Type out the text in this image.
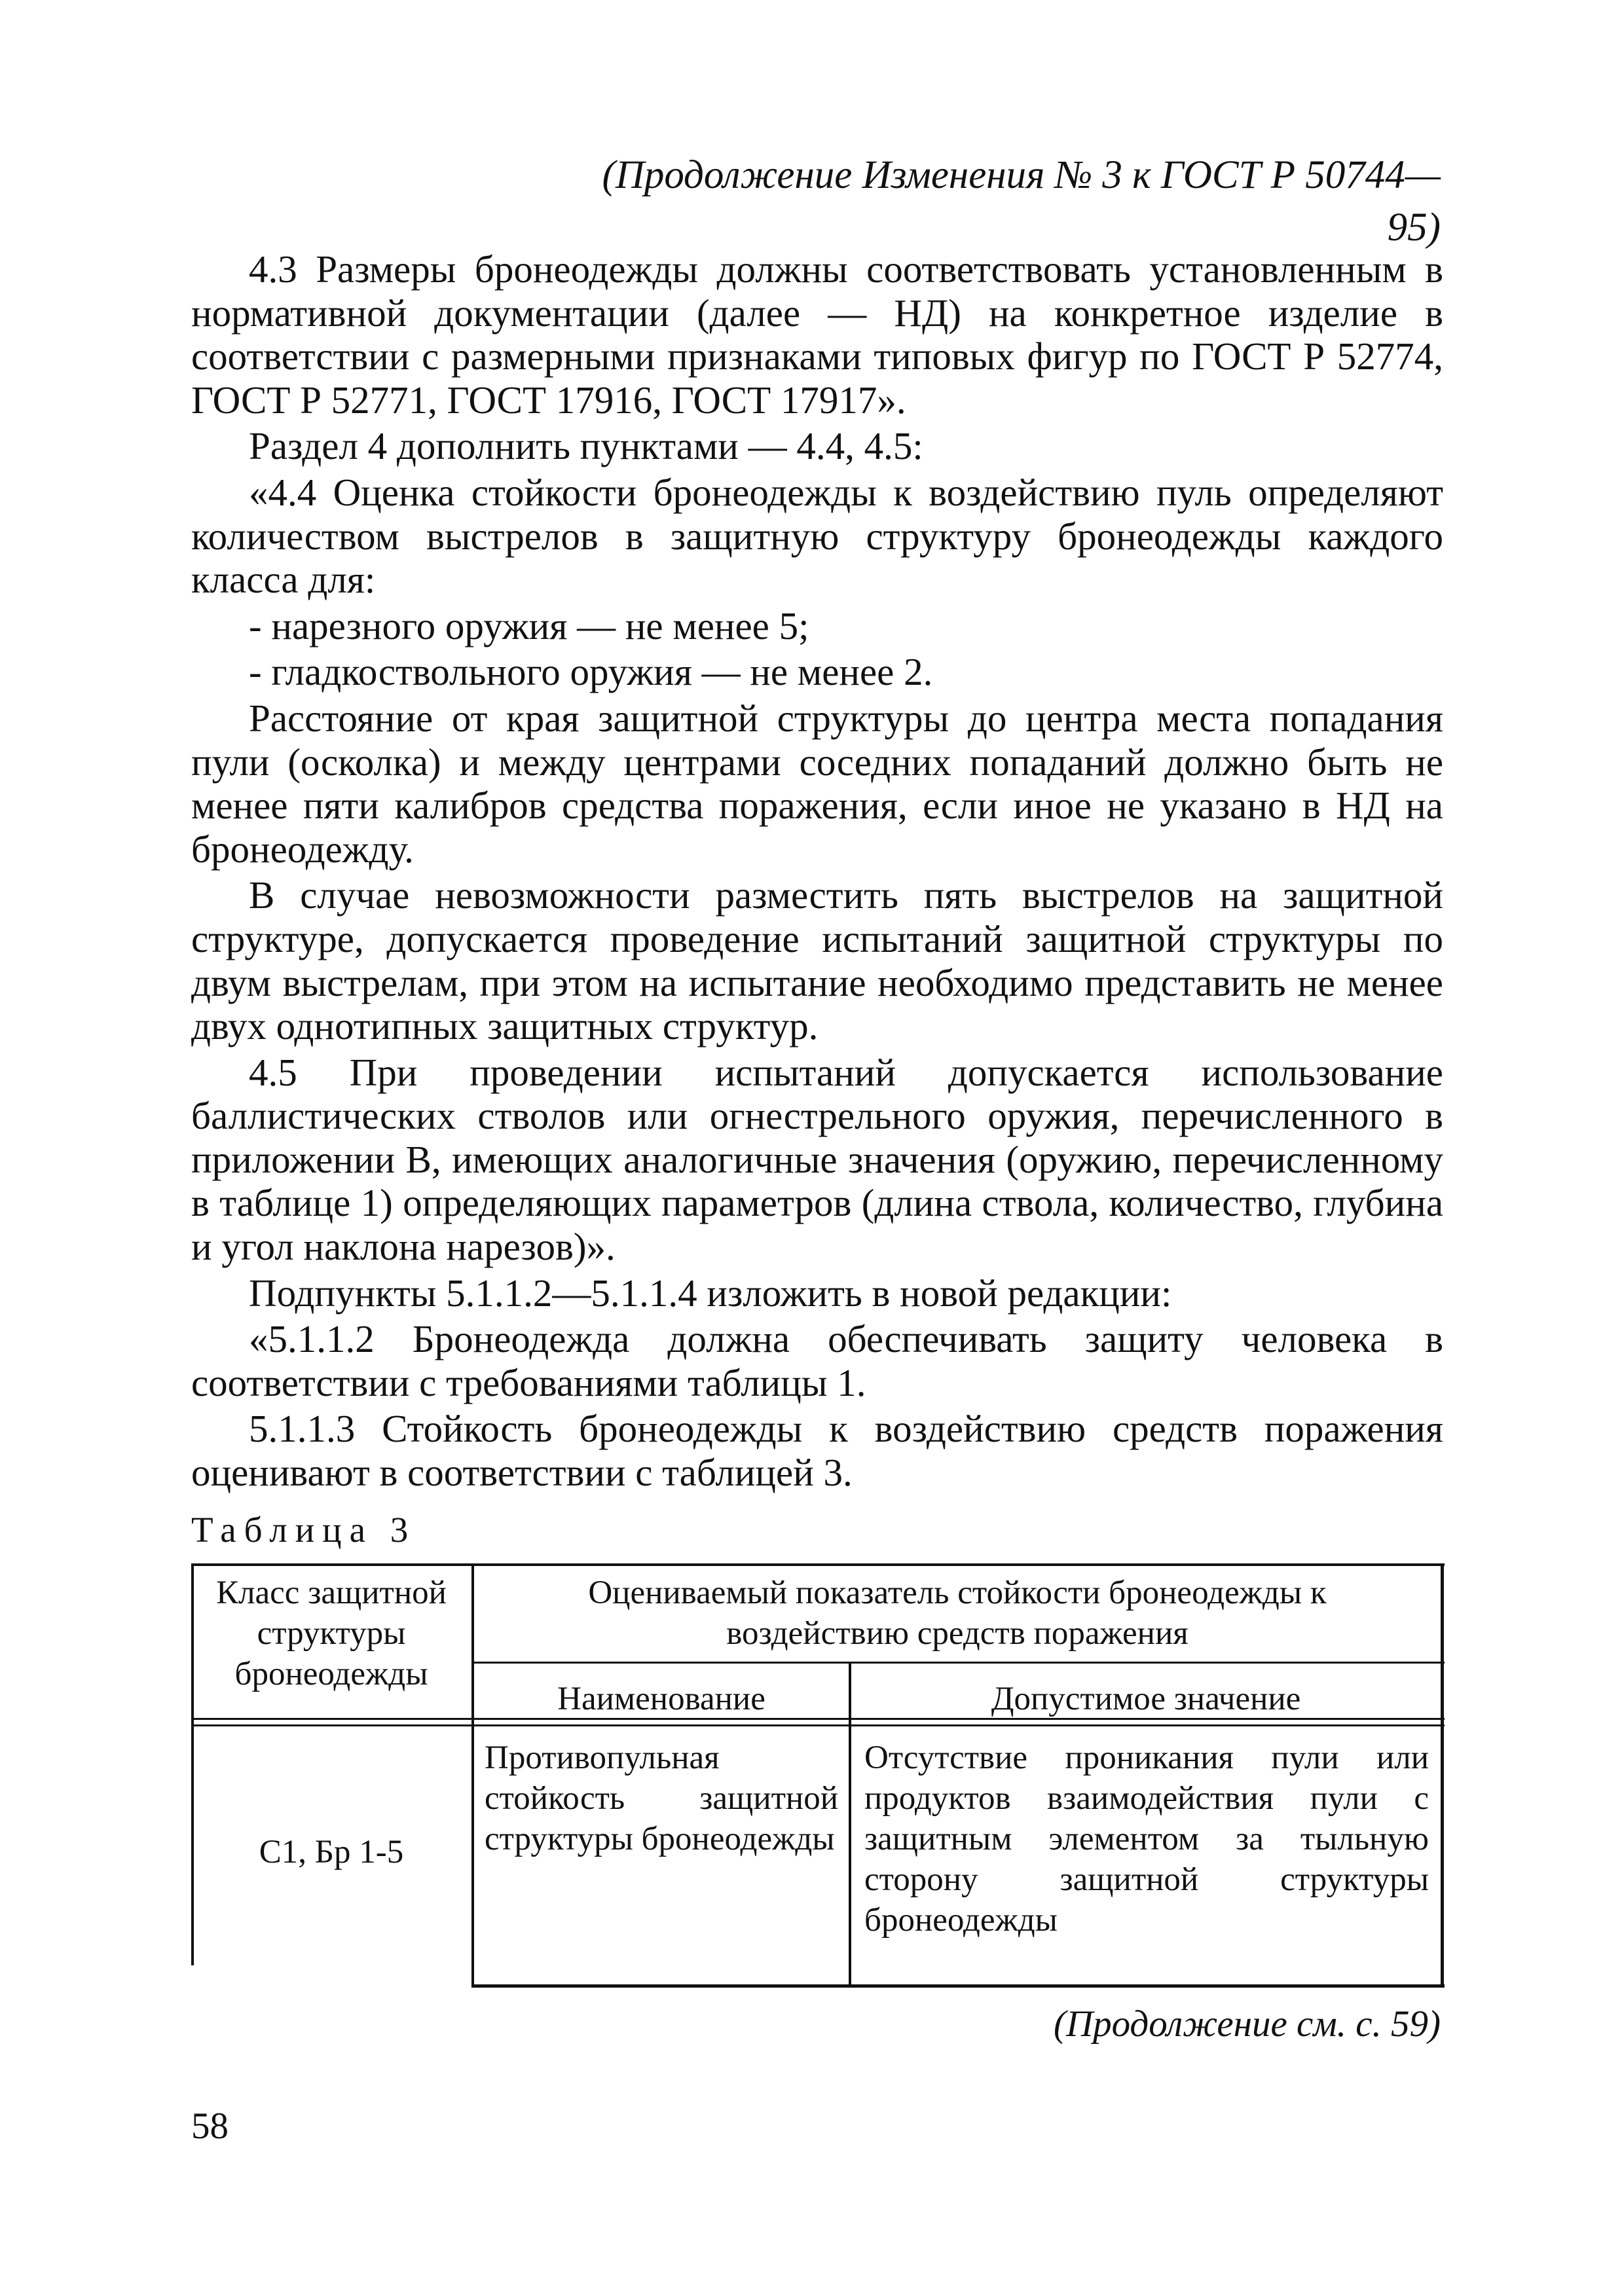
(Продолжение Изменения № 3 к ГОСТ Р 50744—95)

4.3 Размеры бронеодежды должны соответствовать установленным в нормативной документации (далее — НД) на конкретное изделие в соответствии с размерными признаками типовых фигур по ГОСТ Р 52774, ГОСТ Р 52771, ГОСТ 17916, ГОСТ 17917».

Раздел 4 дополнить пунктами — 4.4, 4.5:

«4.4 Оценка стойкости бронеодежды к воздействию пуль определяют количеством выстрелов в защитную структуру бронеодежды каждого класса для:

- нарезного оружия — не менее 5;

- гладкоствольного оружия — не менее 2.

Расстояние от края защитной структуры до центра места попадания пули (осколка) и между центрами соседних попаданий должно быть не менее пяти калибров средства поражения, если иное не указано в НД на бронеодежду.

В случае невозможности разместить пять выстрелов на защитной структуре, допускается проведение испытаний защитной структуры по двум выстрелам, при этом на испытание необходимо представить не менее двух однотипных защитных структур.

4.5 При проведении испытаний допускается использование баллистических стволов или огнестрельного оружия, перечисленного в приложении В, имеющих аналогичные значения (оружию, перечисленному в таблице 1) определяющих параметров (длина ствола, количество, глубина и угол наклона нарезов)».

Подпункты 5.1.1.2—5.1.1.4 изложить в новой редакции:

«5.1.1.2 Бронеодежда должна обеспечивать защиту человека в соответствии с требованиями таблицы 1.

5.1.1.3 Стойкость бронеодежды к воздействию средств поражения оценивают в соответствии с таблицей 3.

Таблица 3
Класс защитной структуры бронеодежды
Оцениваемый показатель стойкости бронеодежды к воздействию средств поражения
Наименование	Допустимое значение
С1, Бр 1-5
Противопульная стойкость защитной структуры бронеодежды
Отсутствие проникания пули или продуктов взаимодействия пули с защитным элементом за тыльную сторону защитной структуры бронеодежды
(Продолжение см. с. 59)
58
